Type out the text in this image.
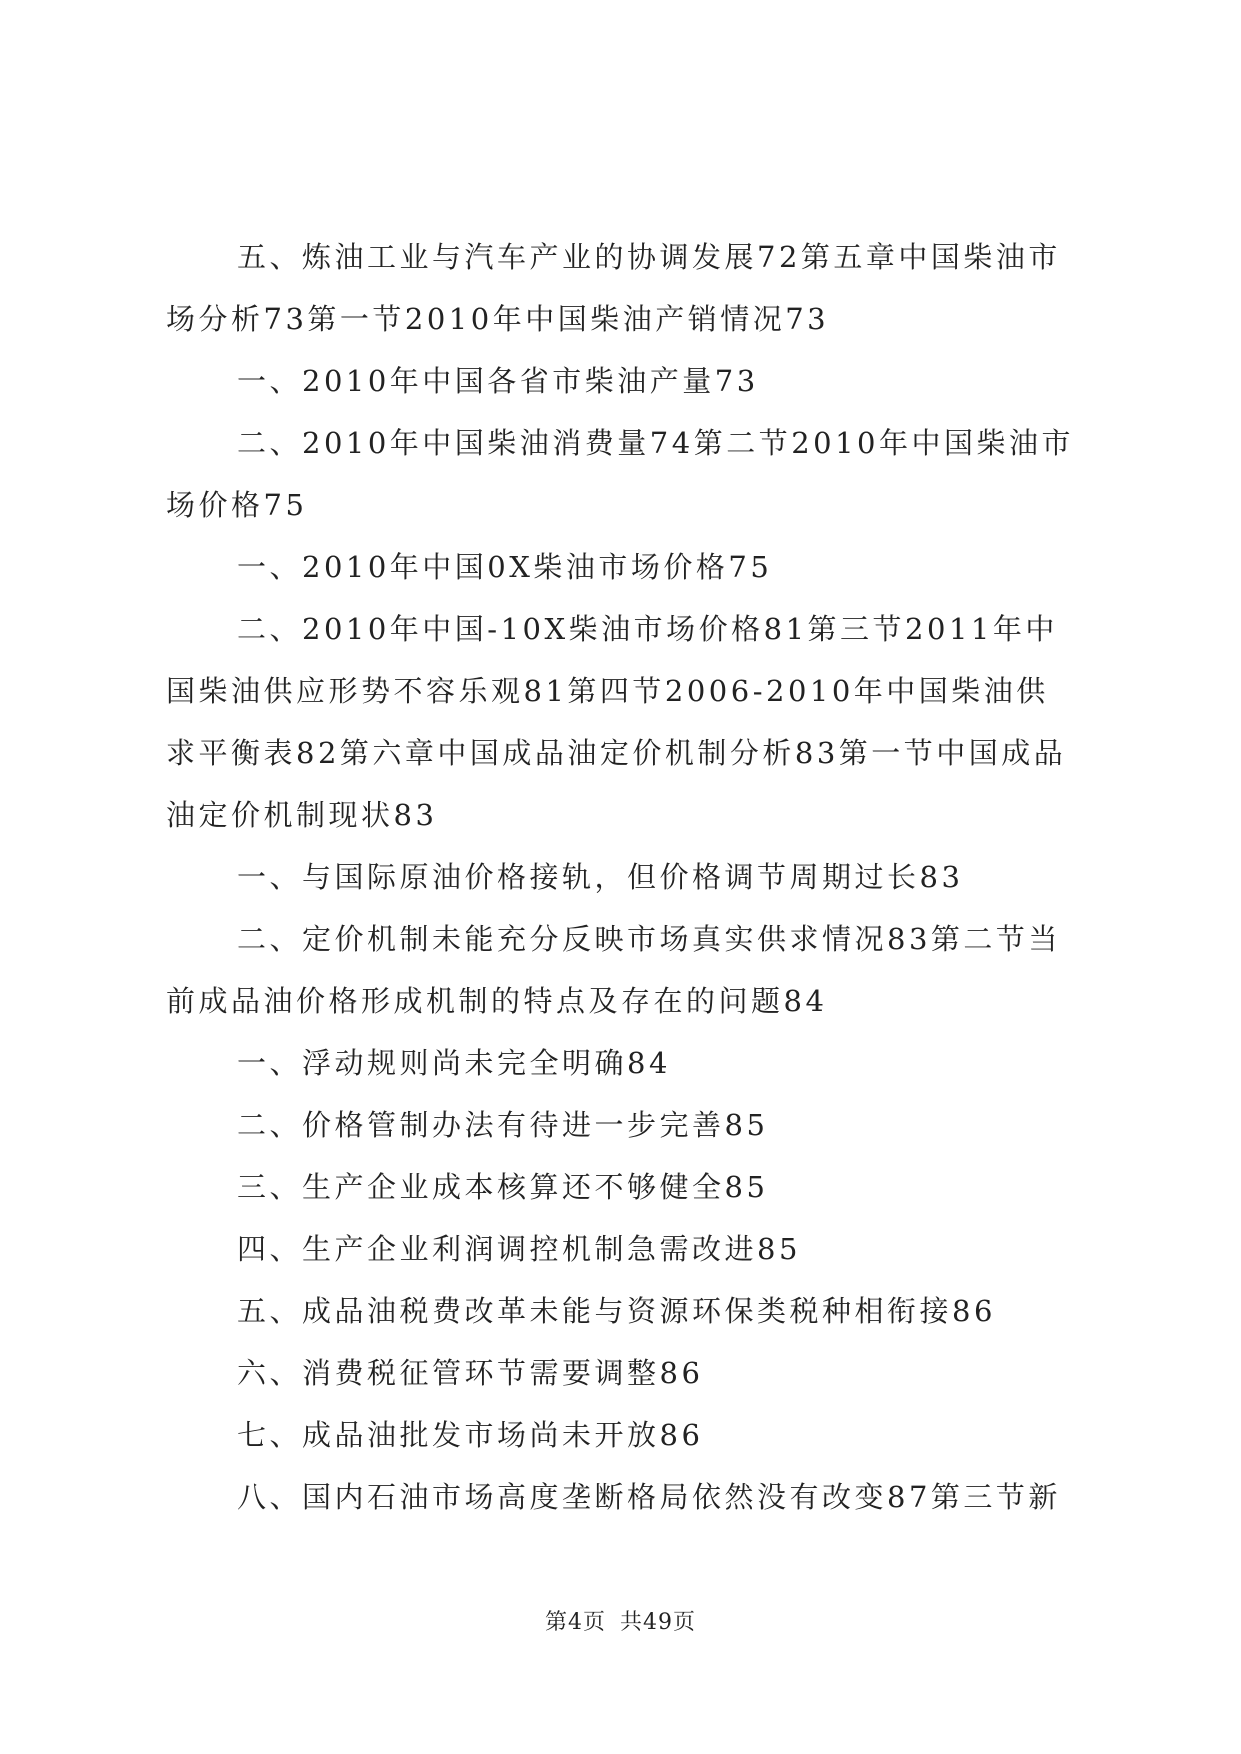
五、炼油工业与汽车产业的协调发展72第五章中国柴油市场分析73第一节2010年中国柴油产销情况73

一、2010年中国各省市柴油产量73

二、2010年中国柴油消费量74第二节2010年中国柴油市场价格75

一、2010年中国0X柴油市场价格75

二、2010年中国-10X柴油市场价格81第三节2011年中国柴油供应形势不容乐观81第四节2006-2010年中国柴油供求平衡表82第六章中国成品油定价机制分析83第一节中国成品油定价机制现状83

一、与国际原油价格接轨，但价格调节周期过长83

二、定价机制未能充分反映市场真实供求情况83第二节当前成品油价格形成机制的特点及存在的问题84

一、浮动规则尚未完全明确84

二、价格管制办法有待进一步完善85

三、生产企业成本核算还不够健全85

四、生产企业利润调控机制急需改进85

五、成品油税费改革未能与资源环保类税种相衔接86

六、消费税征管环节需要调整86

七、成品油批发市场尚未开放86

八、国内石油市场高度垄断格局依然没有改变87第三节新

第4页 共49页
